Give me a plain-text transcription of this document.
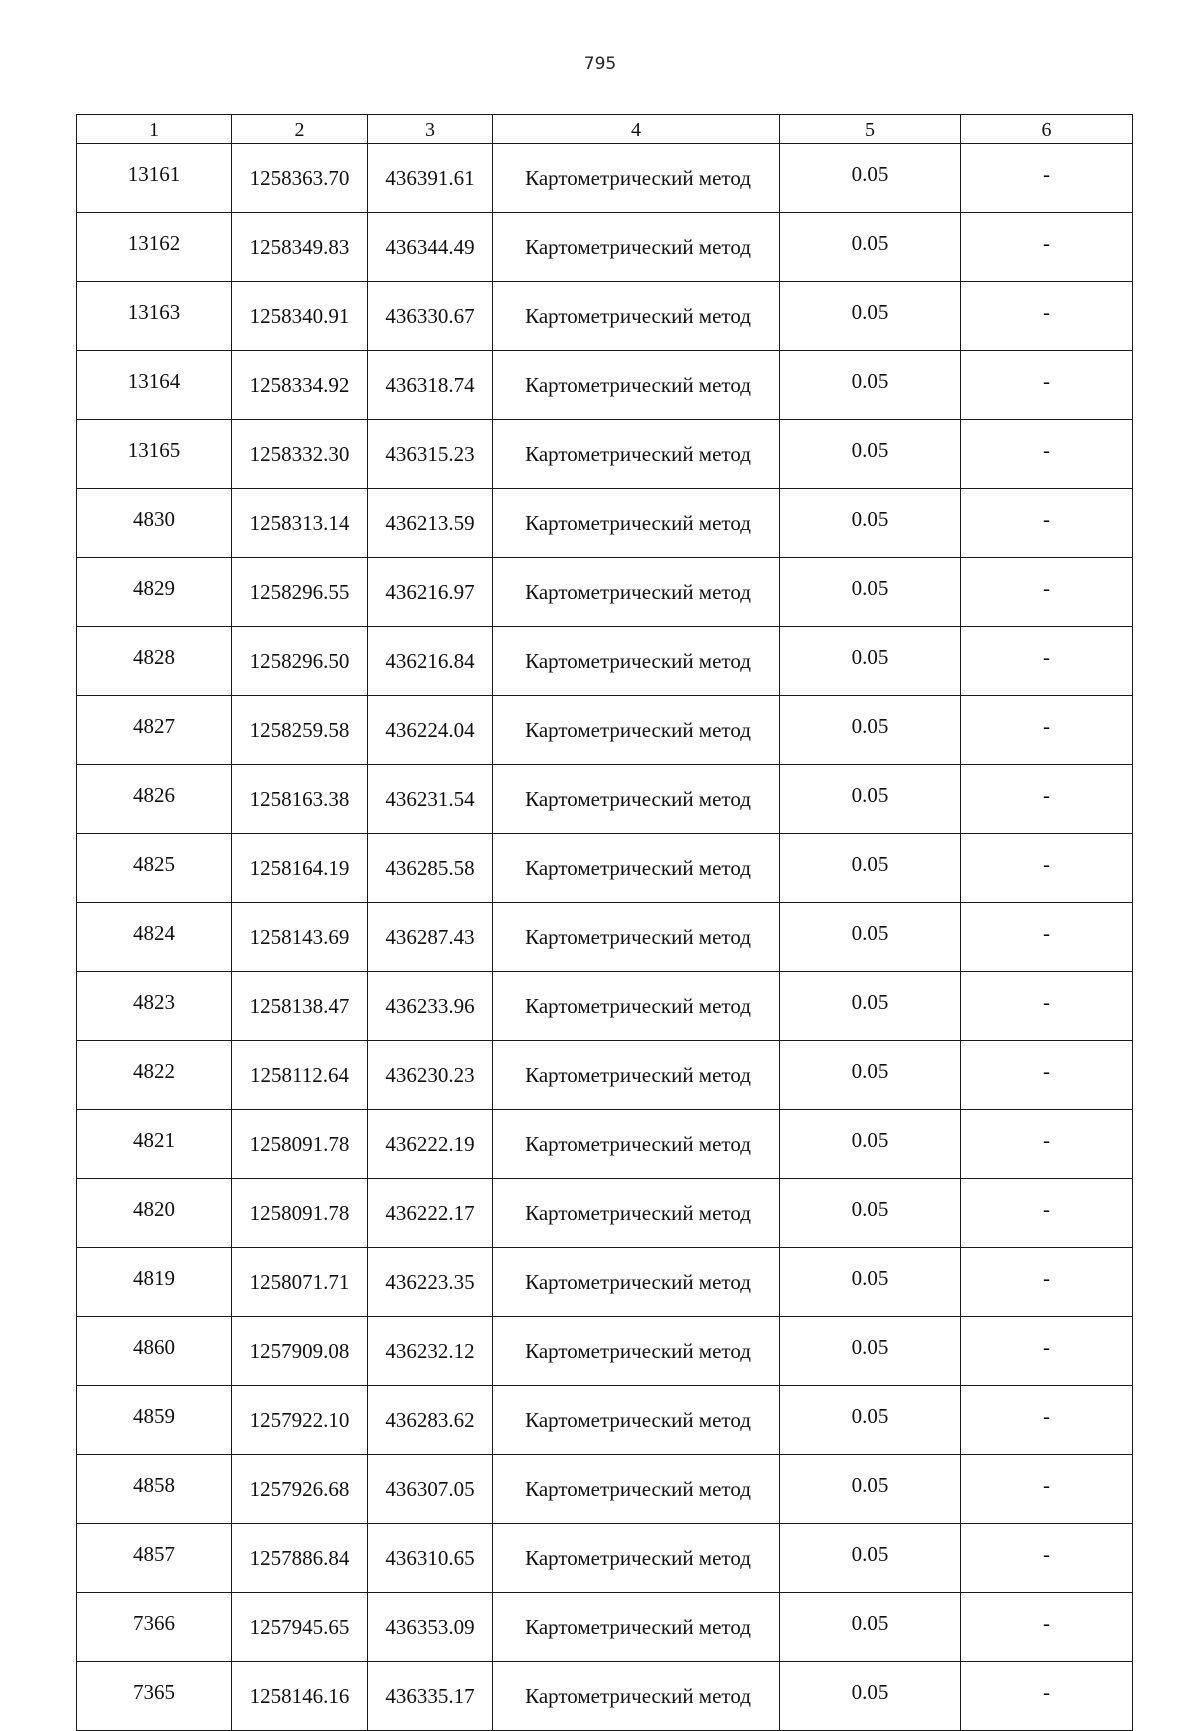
795
1	2	3	4	5	6
13161	1258363.70	436391.61	Картометрический метод	0.05	-
13162	1258349.83	436344.49	Картометрический метод	0.05	-
13163	1258340.91	436330.67	Картометрический метод	0.05	-
13164	1258334.92	436318.74	Картометрический метод	0.05	-
13165	1258332.30	436315.23	Картометрический метод	0.05	-
4830	1258313.14	436213.59	Картометрический метод	0.05	-
4829	1258296.55	436216.97	Картометрический метод	0.05	-
4828	1258296.50	436216.84	Картометрический метод	0.05	-
4827	1258259.58	436224.04	Картометрический метод	0.05	-
4826	1258163.38	436231.54	Картометрический метод	0.05	-
4825	1258164.19	436285.58	Картометрический метод	0.05	-
4824	1258143.69	436287.43	Картометрический метод	0.05	-
4823	1258138.47	436233.96	Картометрический метод	0.05	-
4822	1258112.64	436230.23	Картометрический метод	0.05	-
4821	1258091.78	436222.19	Картометрический метод	0.05	-
4820	1258091.78	436222.17	Картометрический метод	0.05	-
4819	1258071.71	436223.35	Картометрический метод	0.05	-
4860	1257909.08	436232.12	Картометрический метод	0.05	-
4859	1257922.10	436283.62	Картометрический метод	0.05	-
4858	1257926.68	436307.05	Картометрический метод	0.05	-
4857	1257886.84	436310.65	Картометрический метод	0.05	-
7366	1257945.65	436353.09	Картометрический метод	0.05	-
7365	1258146.16	436335.17	Картометрический метод	0.05	-
